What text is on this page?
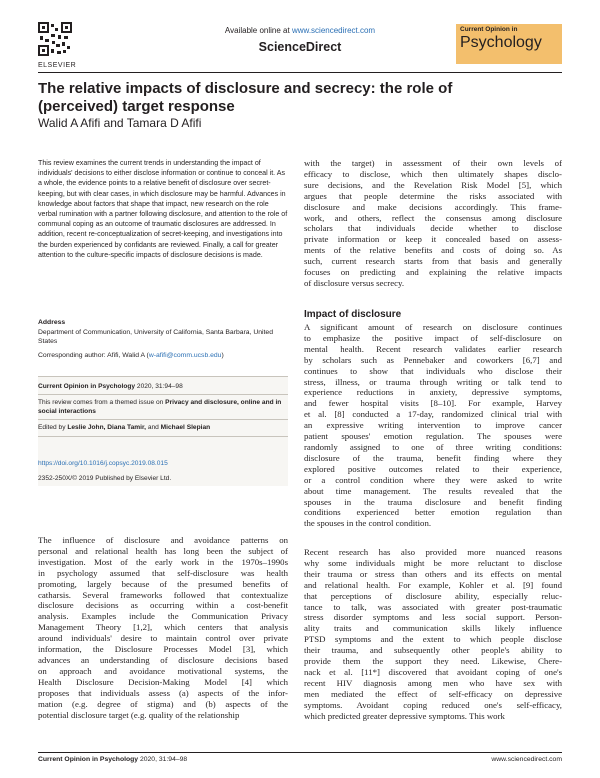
ELSEVIER
Available online at www.sciencedirect.com
ScienceDirect
Current Opinion in
Psychology
The relative impacts of disclosure and secrecy: the role of (perceived) target response
Walid A Afifi and Tamara D Afifi
This review examines the current trends in understanding the impact of individuals' decisions to either disclose information or continue to conceal it. As a whole, the evidence points to a relative benefit of disclosure over secret-keeping, but with clear cases, in which disclosure may be harmful. Advances in knowledge about factors that shape that impact, new research on the role verbal rumination with a partner following disclosure, and attention to the role of communal coping as an outcome of traumatic disclosures are addressed. In addition, recent re-conceptualization of secret-keeping, and investigations into the burden experienced by confidants are reviewed. Finally, a call for greater attention to the culture-specific impacts of disclosure decisions is made.
Address
Department of Communication, University of California, Santa Barbara, United States
Corresponding author: Afifi, Walid A (w-afifi@comm.ucsb.edu)
Current Opinion in Psychology 2020, 31:94–98
This review comes from a themed issue on Privacy and disclosure, online and in social interactions
Edited by Leslie John, Diana Tamir, and Michael Slepian
https://doi.org/10.1016/j.copsyc.2019.08.015
2352-250X/© 2019 Published by Elsevier Ltd.
The influence of disclosure and avoidance patterns on
personal and relational health has long been the subject of
investigation. Most of the early work in the 1970s–1990s
in psychology assumed that self-disclosure was health
promoting, largely because of the presumed benefits of
catharsis. Several frameworks followed that contextualize
disclosure decisions as occurring within a cost-benefit
analysis. Examples include the Communication Privacy
Management Theory [1,2], which centers that analysis
around individuals' desire to maintain control over private
information, the Disclosure Processes Model [3], which
advances an understanding of disclosure decisions based
on approach and avoidance motivational systems, the
Health Disclosure Decision-Making Model [4] which
proposes that individuals assess (a) aspects of the infor-
mation (e.g. degree of stigma) and (b) aspects of the
potential disclosure target (e.g. quality of the relationship
with the target) in assessment of their own levels of
efficacy to disclose, which then ultimately shapes disclo-
sure decisions, and the Revelation Risk Model [5], which
argues that people determine the risks associated with
disclosure and make decisions accordingly. This frame-
work, and others, reflect the consensus among disclosure
scholars that individuals decide whether to disclose
private information or keep it concealed based on assess-
ments of the relative benefits and costs of doing so. As
such, current research starts from that basis and generally
focuses on predicting and explaining the relative impacts
of disclosure versus secrecy.
Impact of disclosure
A significant amount of research on disclosure continues
to emphasize the positive impact of self-disclosure on
mental health. Recent research validates earlier research
by scholars such as Pennebaker and coworkers [6,7] and
continues to show that individuals who disclose their
stress, illness, or trauma through writing or talk tend to
experience reductions in anxiety, depressive symptoms,
and fewer hospital visits [8–10]. For example, Harvey
et al. [8] conducted a 17-day, randomized clinical trial with
an expressive writing intervention to improve cancer
patient spouses' emotion regulation. The spouses were
randomly assigned to one of three writing conditions:
disclosure of the trauma, benefit finding where they
explored positive outcomes related to their experience,
or a control condition where they were asked to write
about time management. The results revealed that the
spouses in the trauma disclosure and benefit finding
conditions experienced better emotion regulation than
the spouses in the control condition.
Recent research has also provided more nuanced reasons
why some individuals might be more reluctant to disclose
their trauma or stress than others and its effects on mental
and relational health. For example, Kohler et al. [9] found
that perceptions of disclosure ability, especially reluc-
tance to talk, was associated with greater post-traumatic
stress disorder symptoms and less social support. Person-
ality traits and communication skills likely influence
PTSD symptoms and the extent to which people disclose
their trauma, and subsequently other people's ability to
provide them the support they need. Likewise, Chere-
nack et al. [11*] discovered that avoidant coping of one's
recent HIV diagnosis among men who have sex with
men mediated the effect of self-efficacy on depressive
symptoms. Avoidant coping reduced one's self-efficacy,
which predicted greater depressive symptoms. This work
Current Opinion in Psychology 2020, 31:94–98	www.sciencedirect.com
